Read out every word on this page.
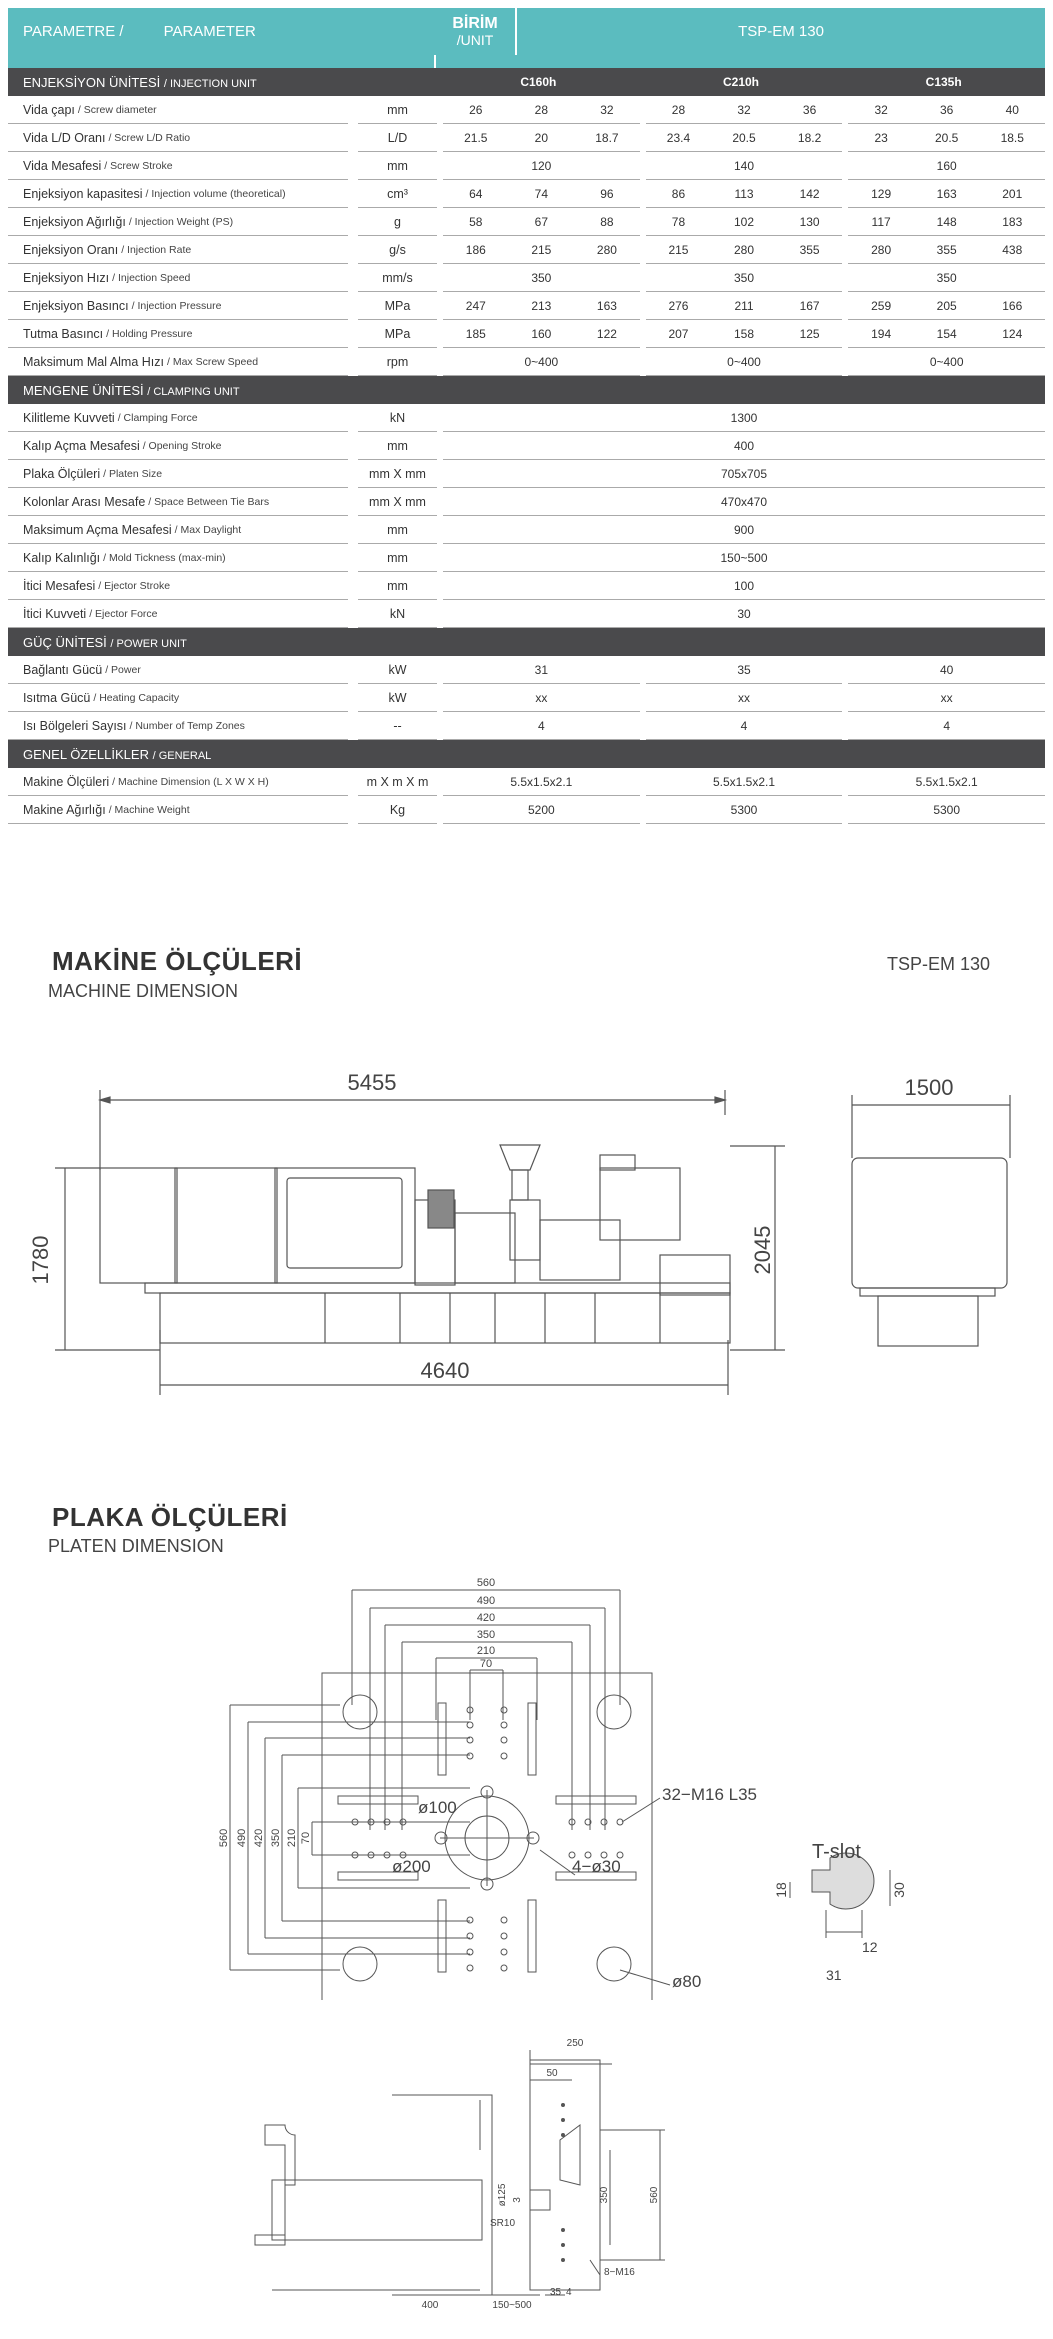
PARAMETRE /	PARAMETER	BİRİM
/UNIT	TSP-EM 130
ENJEKSİYON ÜNİTESİ / INJECTION UNIT	C160h	C210h	C135h
Vida çapı / Screw diameter	mm	26	28	32	28	32	36	32	36	40
Vida L/D Oranı / Screw L/D Ratio	L/D	21.5	20	18.7	23.4	20.5	18.2	23	20.5	18.5
Vida Mesafesi / Screw Stroke	mm	120	140	160
Enjeksiyon kapasitesi / Injection volume (theoretical)	cm³	64	74	96	86	113	142	129	163	201
Enjeksiyon Ağırlığı / Injection Weight (PS)	g	58	67	88	78	102	130	117	148	183
Enjeksiyon Oranı / Injection Rate	g/s	186	215	280	215	280	355	280	355	438
Enjeksiyon Hızı / Injection Speed	mm/s	350	350	350
Enjeksiyon Basıncı / Injection Pressure	MPa	247	213	163	276	211	167	259	205	166
Tutma Basıncı / Holding Pressure	MPa	185	160	122	207	158	125	194	154	124
Maksimum Mal Alma Hızı / Max Screw Speed	rpm	0~400	0~400	0~400
MENGENE ÜNİTESİ / CLAMPING UNIT
Kilitleme Kuvveti / Clamping Force	kN	1300
Kalıp Açma Mesafesi / Opening Stroke	mm	400
Plaka Ölçüleri / Platen Size	mm X mm	705x705
Kolonlar Arası Mesafe / Space Between Tie Bars	mm X mm	470x470
Maksimum Açma Mesafesi / Max Daylight	mm	900
Kalıp Kalınlığı / Mold Tickness (max-min)	mm	150~500
İtici Mesafesi / Ejector Stroke	mm	100
İtici Kuvveti / Ejector Force	kN	30
GÜÇ ÜNİTESİ / POWER UNIT
Bağlantı Gücü / Power	kW	31	35	40
Isıtma Gücü / Heating Capacity	kW	xx	xx	xx
Isı Bölgeleri Sayısı / Number of Temp Zones	--	4	4	4
GENEL ÖZELLİKLER / GENERAL
Makine Ölçüleri / Machine Dimension (L X W X H)	m X m X m	5.5x1.5x2.1	5.5x1.5x2.1	5.5x1.5x2.1
Makine Ağırlığı / Machine Weight	Kg	5200	5300	5300
MAKİNE ÖLÇÜLERİ
MACHINE DIMENSION
TSP-EM 130
5455
4640
1780	2045
1500
PLAKA ÖLÇÜLERİ
PLATEN DIMENSION
560
490
420
350
210
70
560 490 420 350 210 70
32−M16 L35
ø100
ø200	4−ø30
ø80
T-slot
18	30
12
31
250
50
350	560
ø125
SR10
3
8−M16
400	150~500
35 4
